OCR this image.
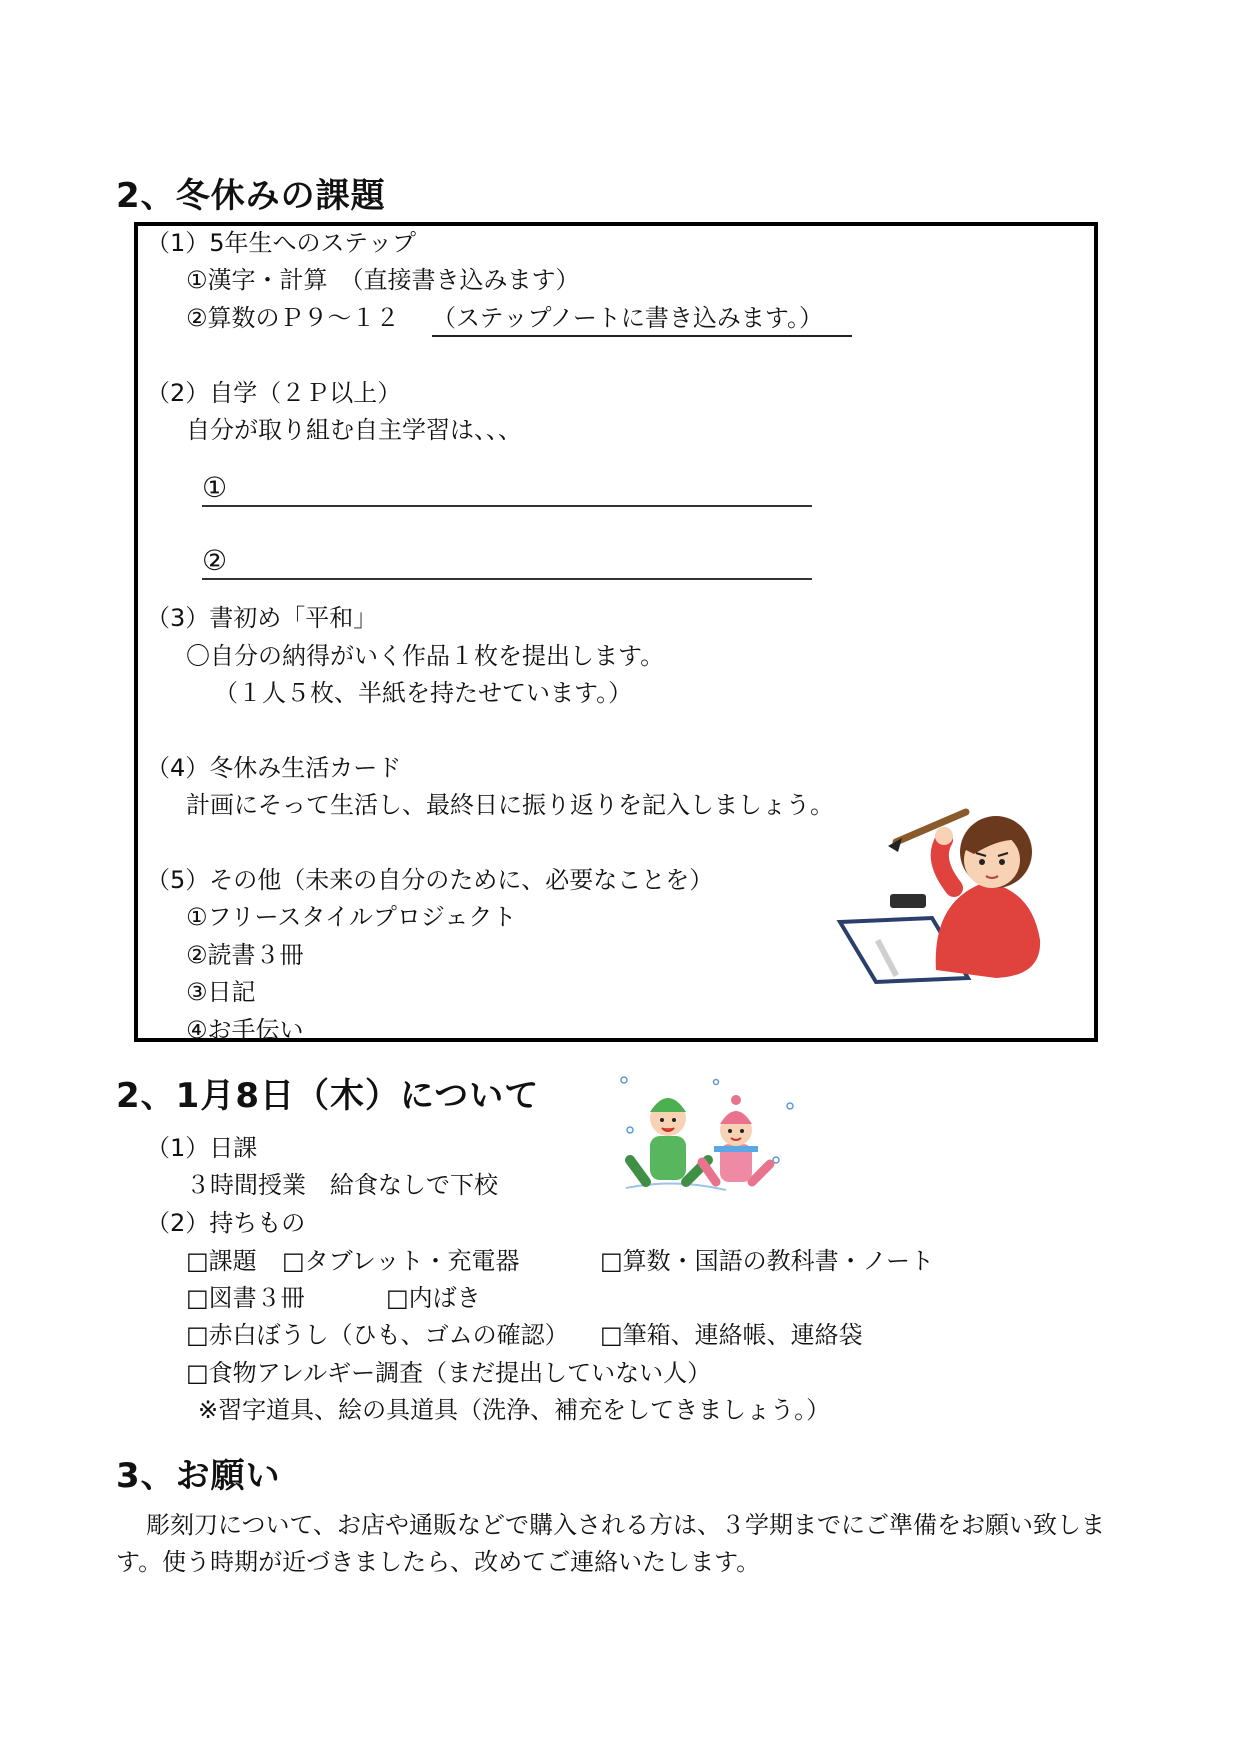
2、冬休みの課題
（1）5年生へのステップ
①漢字・計算　（直接書き込みます）
②算数のＰ９～１２ （ステップノートに書き込みます。）
（2）自学（２Ｐ以上）
自分が取り組む自主学習は、、、
①
②
（3）書初め「平和」
〇自分の納得がいく作品１枚を提出します。
（１人５枚、半紙を持たせています。）
（4）冬休み生活カード
計画にそって生活し、最終日に振り返りを記入しましょう。
（5）その他（未来の自分のために、必要なことを）
①フリースタイルプロジェクト
②読書３冊
③日記
④お手伝い
2、1月8日（木）について
（1）日課
３時間授業　給食なしで下校
（2）持ちもの
□課題 □タブレット・充電器	□算数・国語の教科書・ノート
□図書３冊	□内ばき
□赤白ぼうし（ひも、ゴムの確認） □筆箱、連絡帳、連絡袋
□食物アレルギー調査（まだ提出していない人）
※習字道具、絵の具道具（洗浄、補充をしてきましょう。）
3、お願い
彫刻刀について、お店や通販などで購入される方は、３学期までにご準備をお願い致しま
す。使う時期が近づきましたら、改めてご連絡いたします。
